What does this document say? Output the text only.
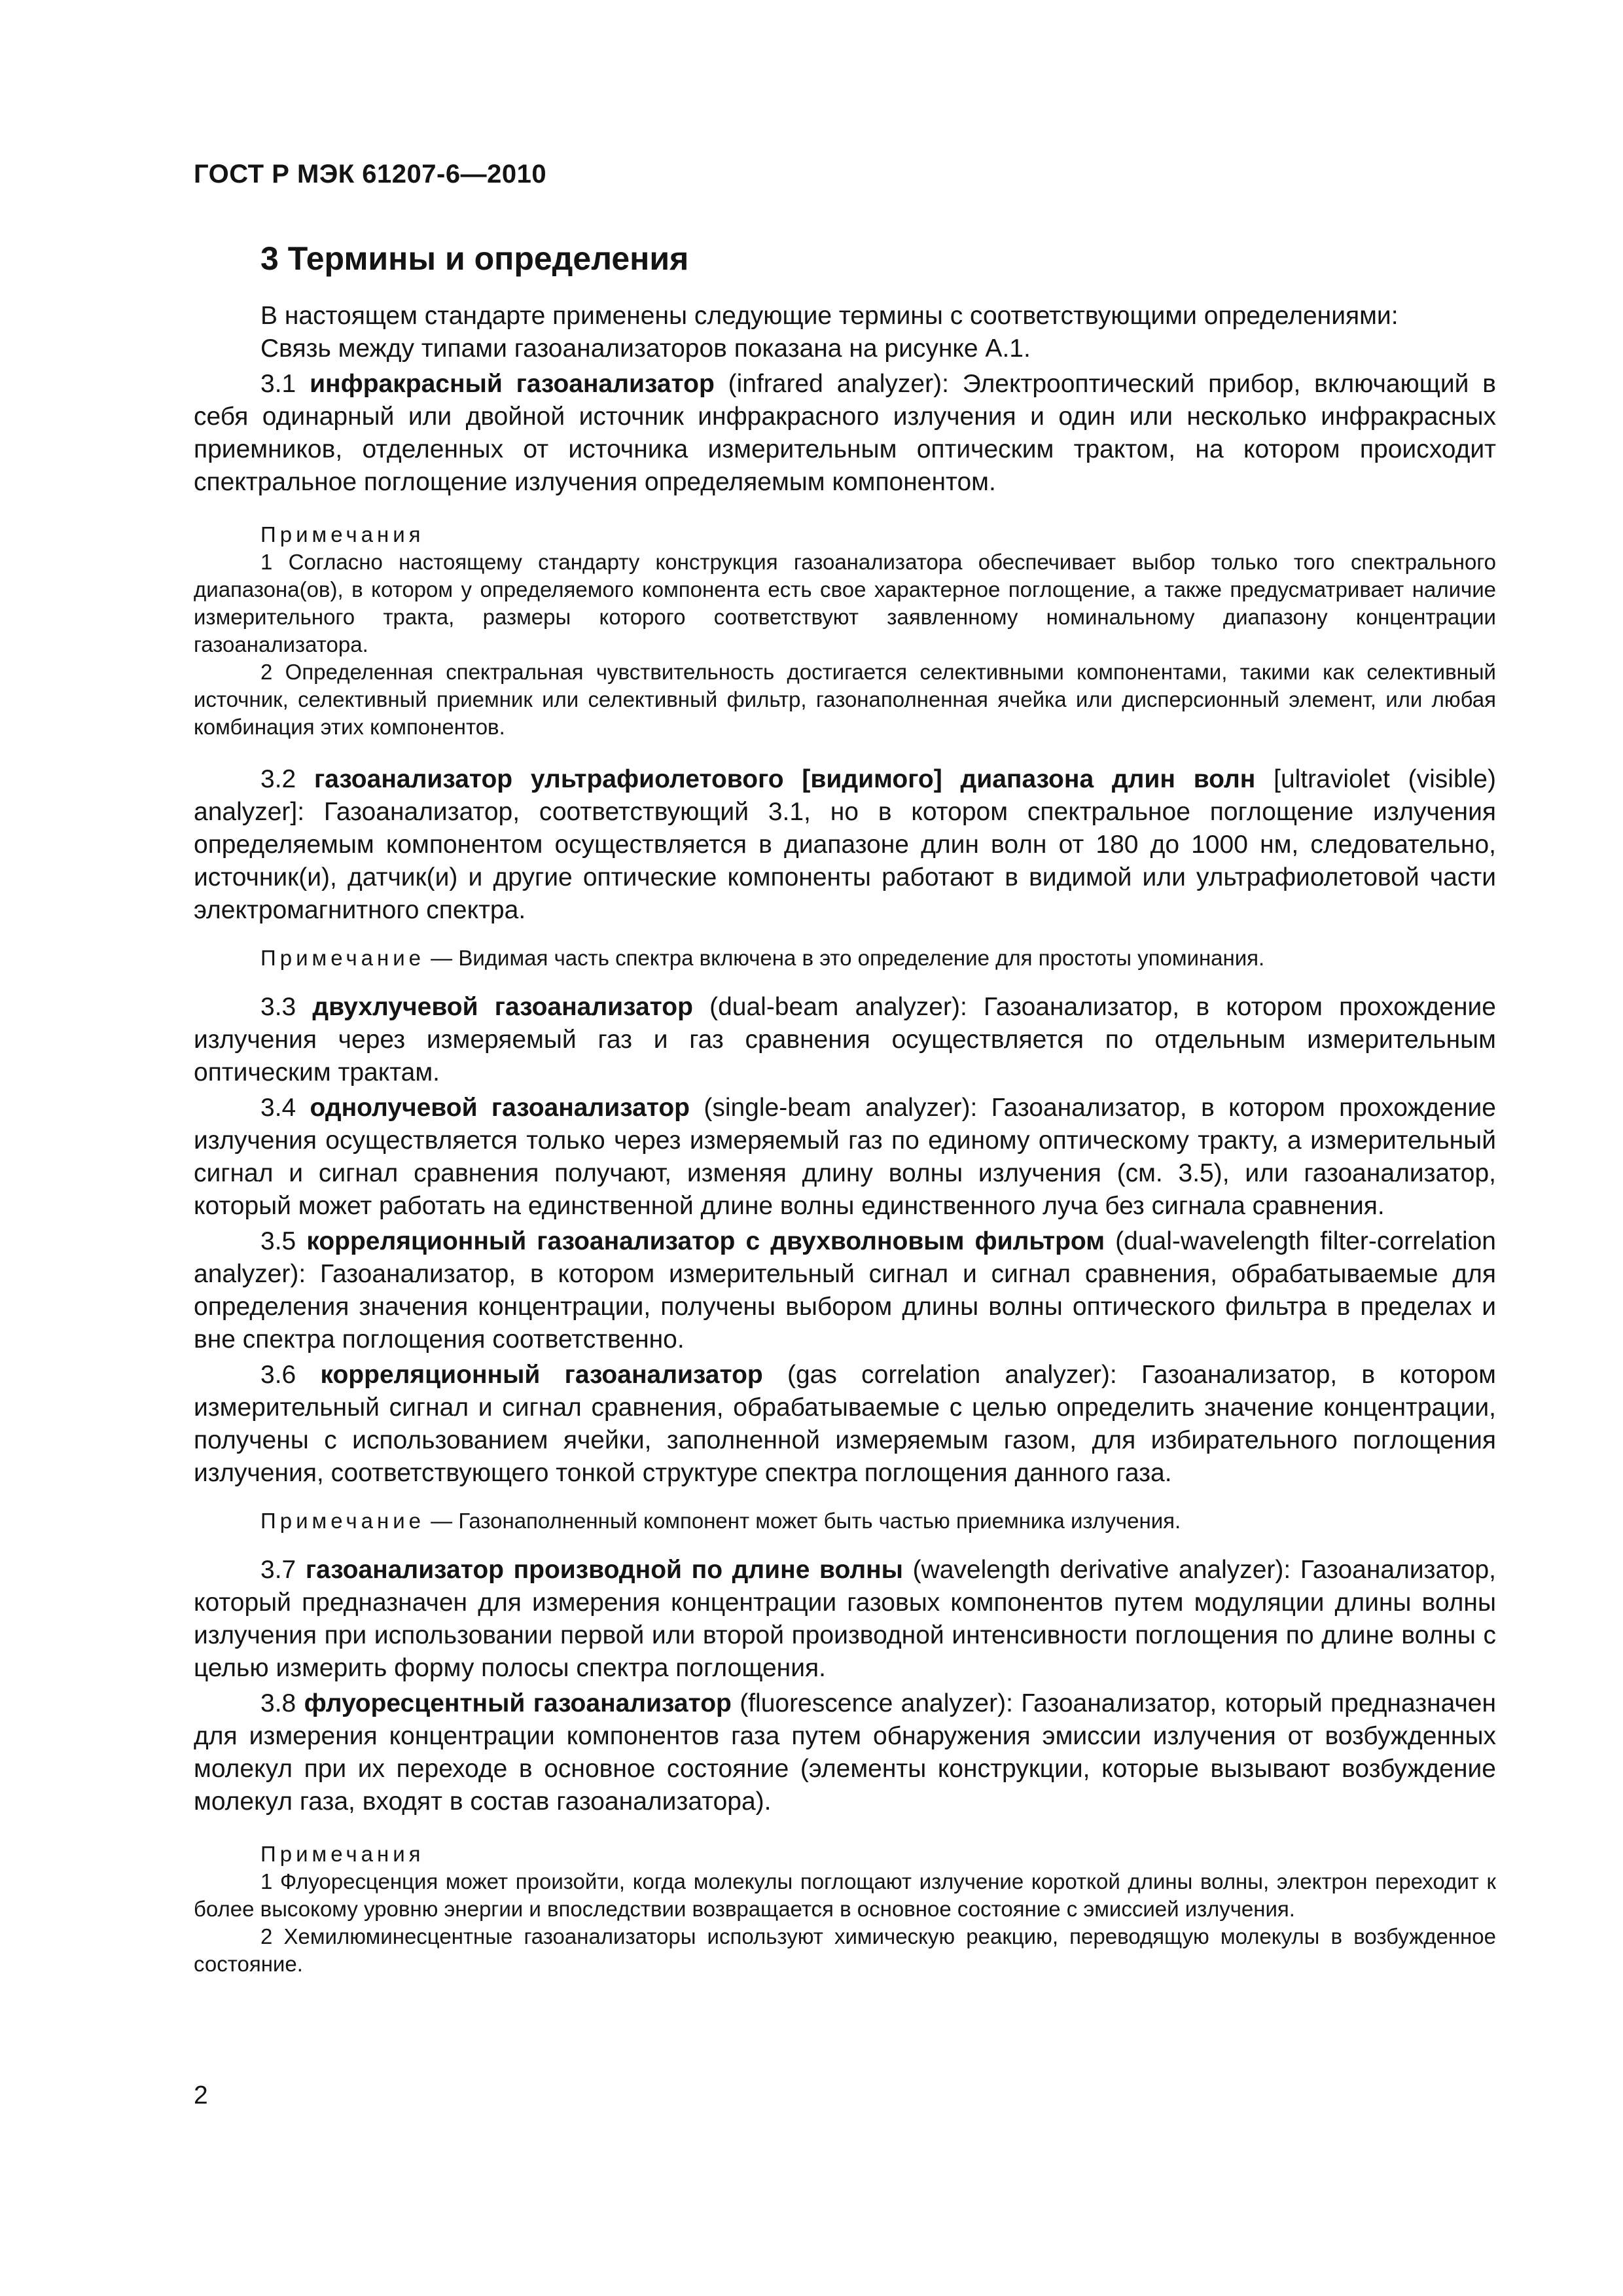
ГОСТ Р МЭК 61207-6—2010
3 Термины и определения

В настоящем стандарте применены следующие термины с соответствующими определениями:

Связь между типами газоанализаторов показана на рисунке А.1.

3.1 инфракрасный газоанализатор (infrared analyzer): Электрооптический прибор, включающий в себя одинарный или двойной источник инфракрасного излучения и один или несколько инфракрасных приемников, отделенных от источника измерительным оптическим трактом, на котором происходит спектральное поглощение излучения определяемым компонентом.

Примечания

1 Согласно настоящему стандарту конструкция газоанализатора обеспечивает выбор только того спектрального диапазона(ов), в котором у определяемого компонента есть свое характерное поглощение, а также предусматривает наличие измерительного тракта, размеры которого соответствуют заявленному номинальному диапазону концентрации газоанализатора.

2 Определенная спектральная чувствительность достигается селективными компонентами, такими как селективный источник, селективный приемник или селективный фильтр, газонаполненная ячейка или дисперсионный элемент, или любая комбинация этих компонентов.

3.2 газоанализатор ультрафиолетового [видимого] диапазона длин волн [ultraviolet (visible) analyzer]: Газоанализатор, соответствующий 3.1, но в котором спектральное поглощение излучения определяемым компонентом осуществляется в диапазоне длин волн от 180 до 1000 нм, следовательно, источник(и), датчик(и) и другие оптические компоненты работают в видимой или ультрафиолетовой части электромагнитного спектра.

Примечание — Видимая часть спектра включена в это определение для простоты упоминания.

3.3 двухлучевой газоанализатор (dual-beam analyzer): Газоанализатор, в котором прохождение излучения через измеряемый газ и газ сравнения осуществляется по отдельным измерительным оптическим трактам.

3.4 однолучевой газоанализатор (single-beam analyzer): Газоанализатор, в котором прохождение излучения осуществляется только через измеряемый газ по единому оптическому тракту, а измерительный сигнал и сигнал сравнения получают, изменяя длину волны излучения (см. 3.5), или газоанализатор, который может работать на единственной длине волны единственного луча без сигнала сравнения.

3.5 корреляционный газоанализатор с двухволновым фильтром (dual-wavelength filter-correlation analyzer): Газоанализатор, в котором измерительный сигнал и сигнал сравнения, обрабатываемые для определения значения концентрации, получены выбором длины волны оптического фильтра в пределах и вне спектра поглощения соответственно.

3.6 корреляционный газоанализатор (gas correlation analyzer): Газоанализатор, в котором измерительный сигнал и сигнал сравнения, обрабатываемые с целью определить значение концентрации, получены с использованием ячейки, заполненной измеряемым газом, для избирательного поглощения излучения, соответствующего тонкой структуре спектра поглощения данного газа.

Примечание — Газонаполненный компонент может быть частью приемника излучения.

3.7 газоанализатор производной по длине волны (wavelength derivative analyzer): Газоанализатор, который предназначен для измерения концентрации газовых компонентов путем модуляции длины волны излучения при использовании первой или второй производной интенсивности поглощения по длине волны с целью измерить форму полосы спектра поглощения.

3.8 флуоресцентный газоанализатор (fluorescence analyzer): Газоанализатор, который предназначен для измерения концентрации компонентов газа путем обнаружения эмиссии излучения от возбужденных молекул при их переходе в основное состояние (элементы конструкции, которые вызывают возбуждение молекул газа, входят в состав газоанализатора).

Примечания

1 Флуоресценция может произойти, когда молекулы поглощают излучение короткой длины волны, электрон переходит к более высокому уровню энергии и впоследствии возвращается в основное состояние с эмиссией излучения.

2 Хемилюминесцентные газоанализаторы используют химическую реакцию, переводящую молекулы в возбужденное состояние.

2
